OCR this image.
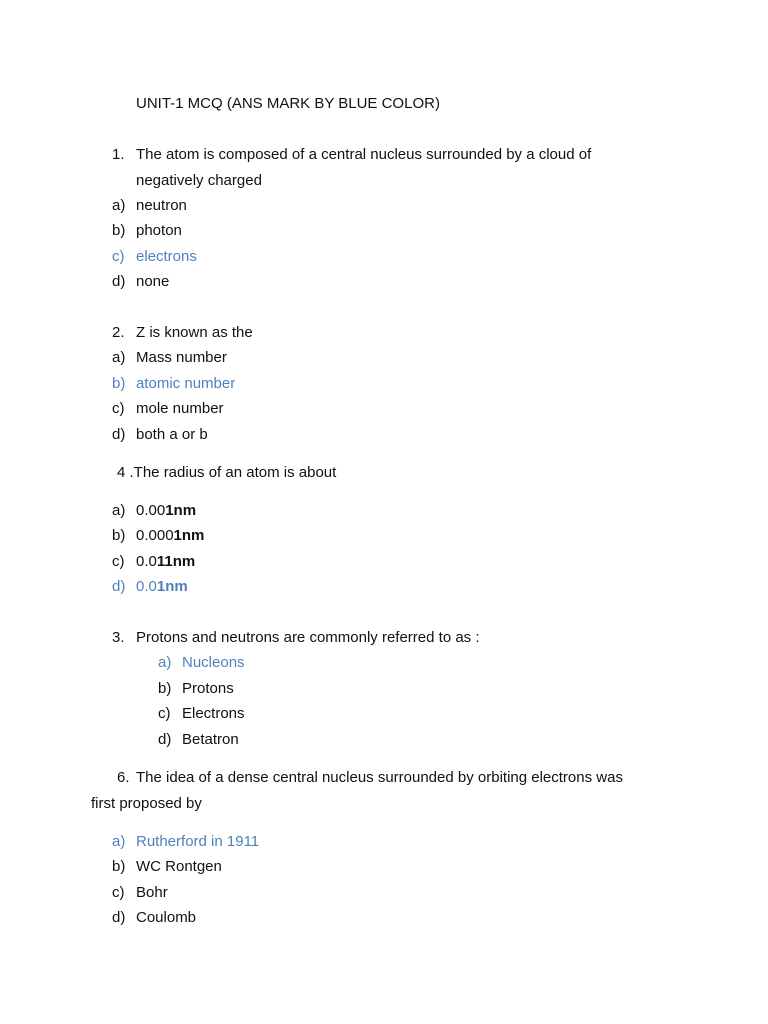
UNIT-1 MCQ (ANS MARK BY BLUE COLOR)
1. The atom is composed of a central nucleus surrounded by a cloud of
negatively charged
a) neutron
b) photon
c) electrons
d) none
2. Z is known as the
a) Mass number
b) atomic number
c) mole number
d) both a or b
4 .The radius of an atom is about
a) 0.001nm
b) 0.0001nm
c) 0.011nm
d) 0.01nm
3. Protons and neutrons are commonly referred to as :
a) Nucleons
b) Protons
c) Electrons
d) Betatron
6. The idea of a dense central nucleus surrounded by orbiting electrons was
first proposed by
a) Rutherford in 1911
b) WC Rontgen
c) Bohr
d) Coulomb
